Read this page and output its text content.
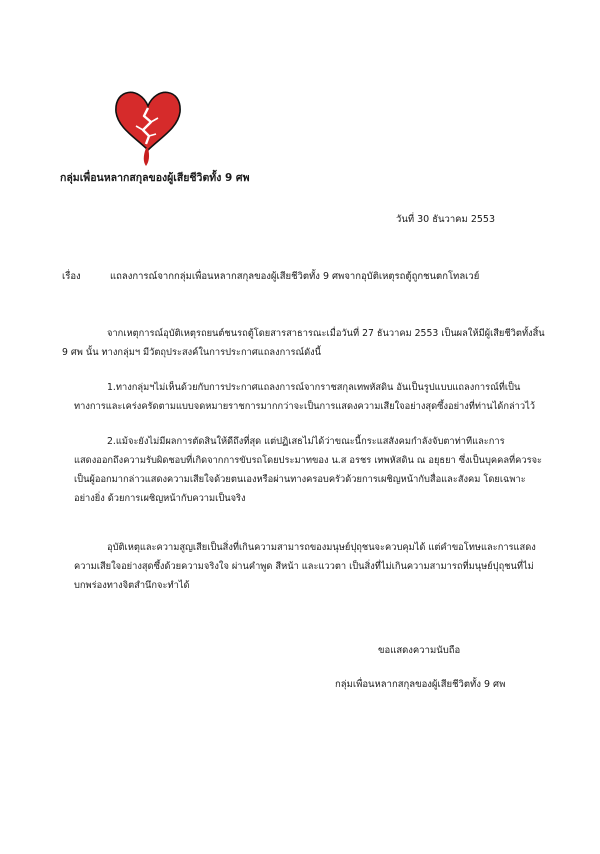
กลุ่มเพื่อนหลากสกุลของผู้เสียชีวิตทั้ง 9 ศพ
วันที่ 30 ธันวาคม 2553
เรื่อง	แถลงการณ์จากกลุ่มเพื่อนหลากสกุลของผู้เสียชีวิตทั้ง 9 ศพจากอุบัติเหตุรถตู้ถูกชนตกโทลเวย์
จากเหตุการณ์อุบัติเหตุรถยนต์ชนรถตู้โดยสารสาธารณะเมื่อวันที่ 27 ธันวาคม 2553 เป็นผลให้มีผู้เสียชีวิตทั้งสิ้น
9 ศพ นั้น ทางกลุ่มฯ มีวัตถุประสงค์ในการประกาศแถลงการณ์ดังนี้
1.ทางกลุ่มฯไม่เห็นด้วยกับการประกาศแถลงการณ์จากราชสกุลเทพหัสดิน อันเป็นรูปแบบแถลงการณ์ที่เป็น
ทางการและเคร่งครัดตามแบบจดหมายราชการมากกว่าจะเป็นการแสดงความเสียใจอย่างสุดซึ้งอย่างที่ท่านได้กล่าวไว้
2.แม้จะยังไม่มีผลการตัดสินให้ดีถึงที่สุด แต่ปฏิเสธไม่ได้ว่าขณะนี้กระแสสังคมกำลังจับตาท่าทีและการ
แสดงออกถึงความรับผิดชอบที่เกิดจากการขับรถโดยประมาทของ น.ส อรชร เทพหัสดิน ณ อยุธยา ซึ่งเป็นบุคคลที่ควรจะ
เป็นผู้ออกมากล่าวแสดงความเสียใจด้วยตนเองหรือผ่านทางครอบครัวด้วยการเผชิญหน้ากับสื่อและสังคม โดยเฉพาะ
อย่างยิ่ง ด้วยการเผชิญหน้ากับความเป็นจริง
อุบัติเหตุและความสูญเสียเป็นสิ่งที่เกินความสามารถของมนุษย์ปุถุชนจะควบคุมได้ แต่คำขอโทษและการแสดง
ความเสียใจอย่างสุดซึ้งด้วยความจริงใจ ผ่านคำพูด สีหน้า และแววตา เป็นสิ่งที่ไม่เกินความสามารถที่มนุษย์ปุถุชนที่ไม่
บกพร่องทางจิตสำนึกจะทำได้
ขอแสดงความนับถือ
กลุ่มเพื่อนหลากสกุลของผู้เสียชีวิตทั้ง 9 ศพ
